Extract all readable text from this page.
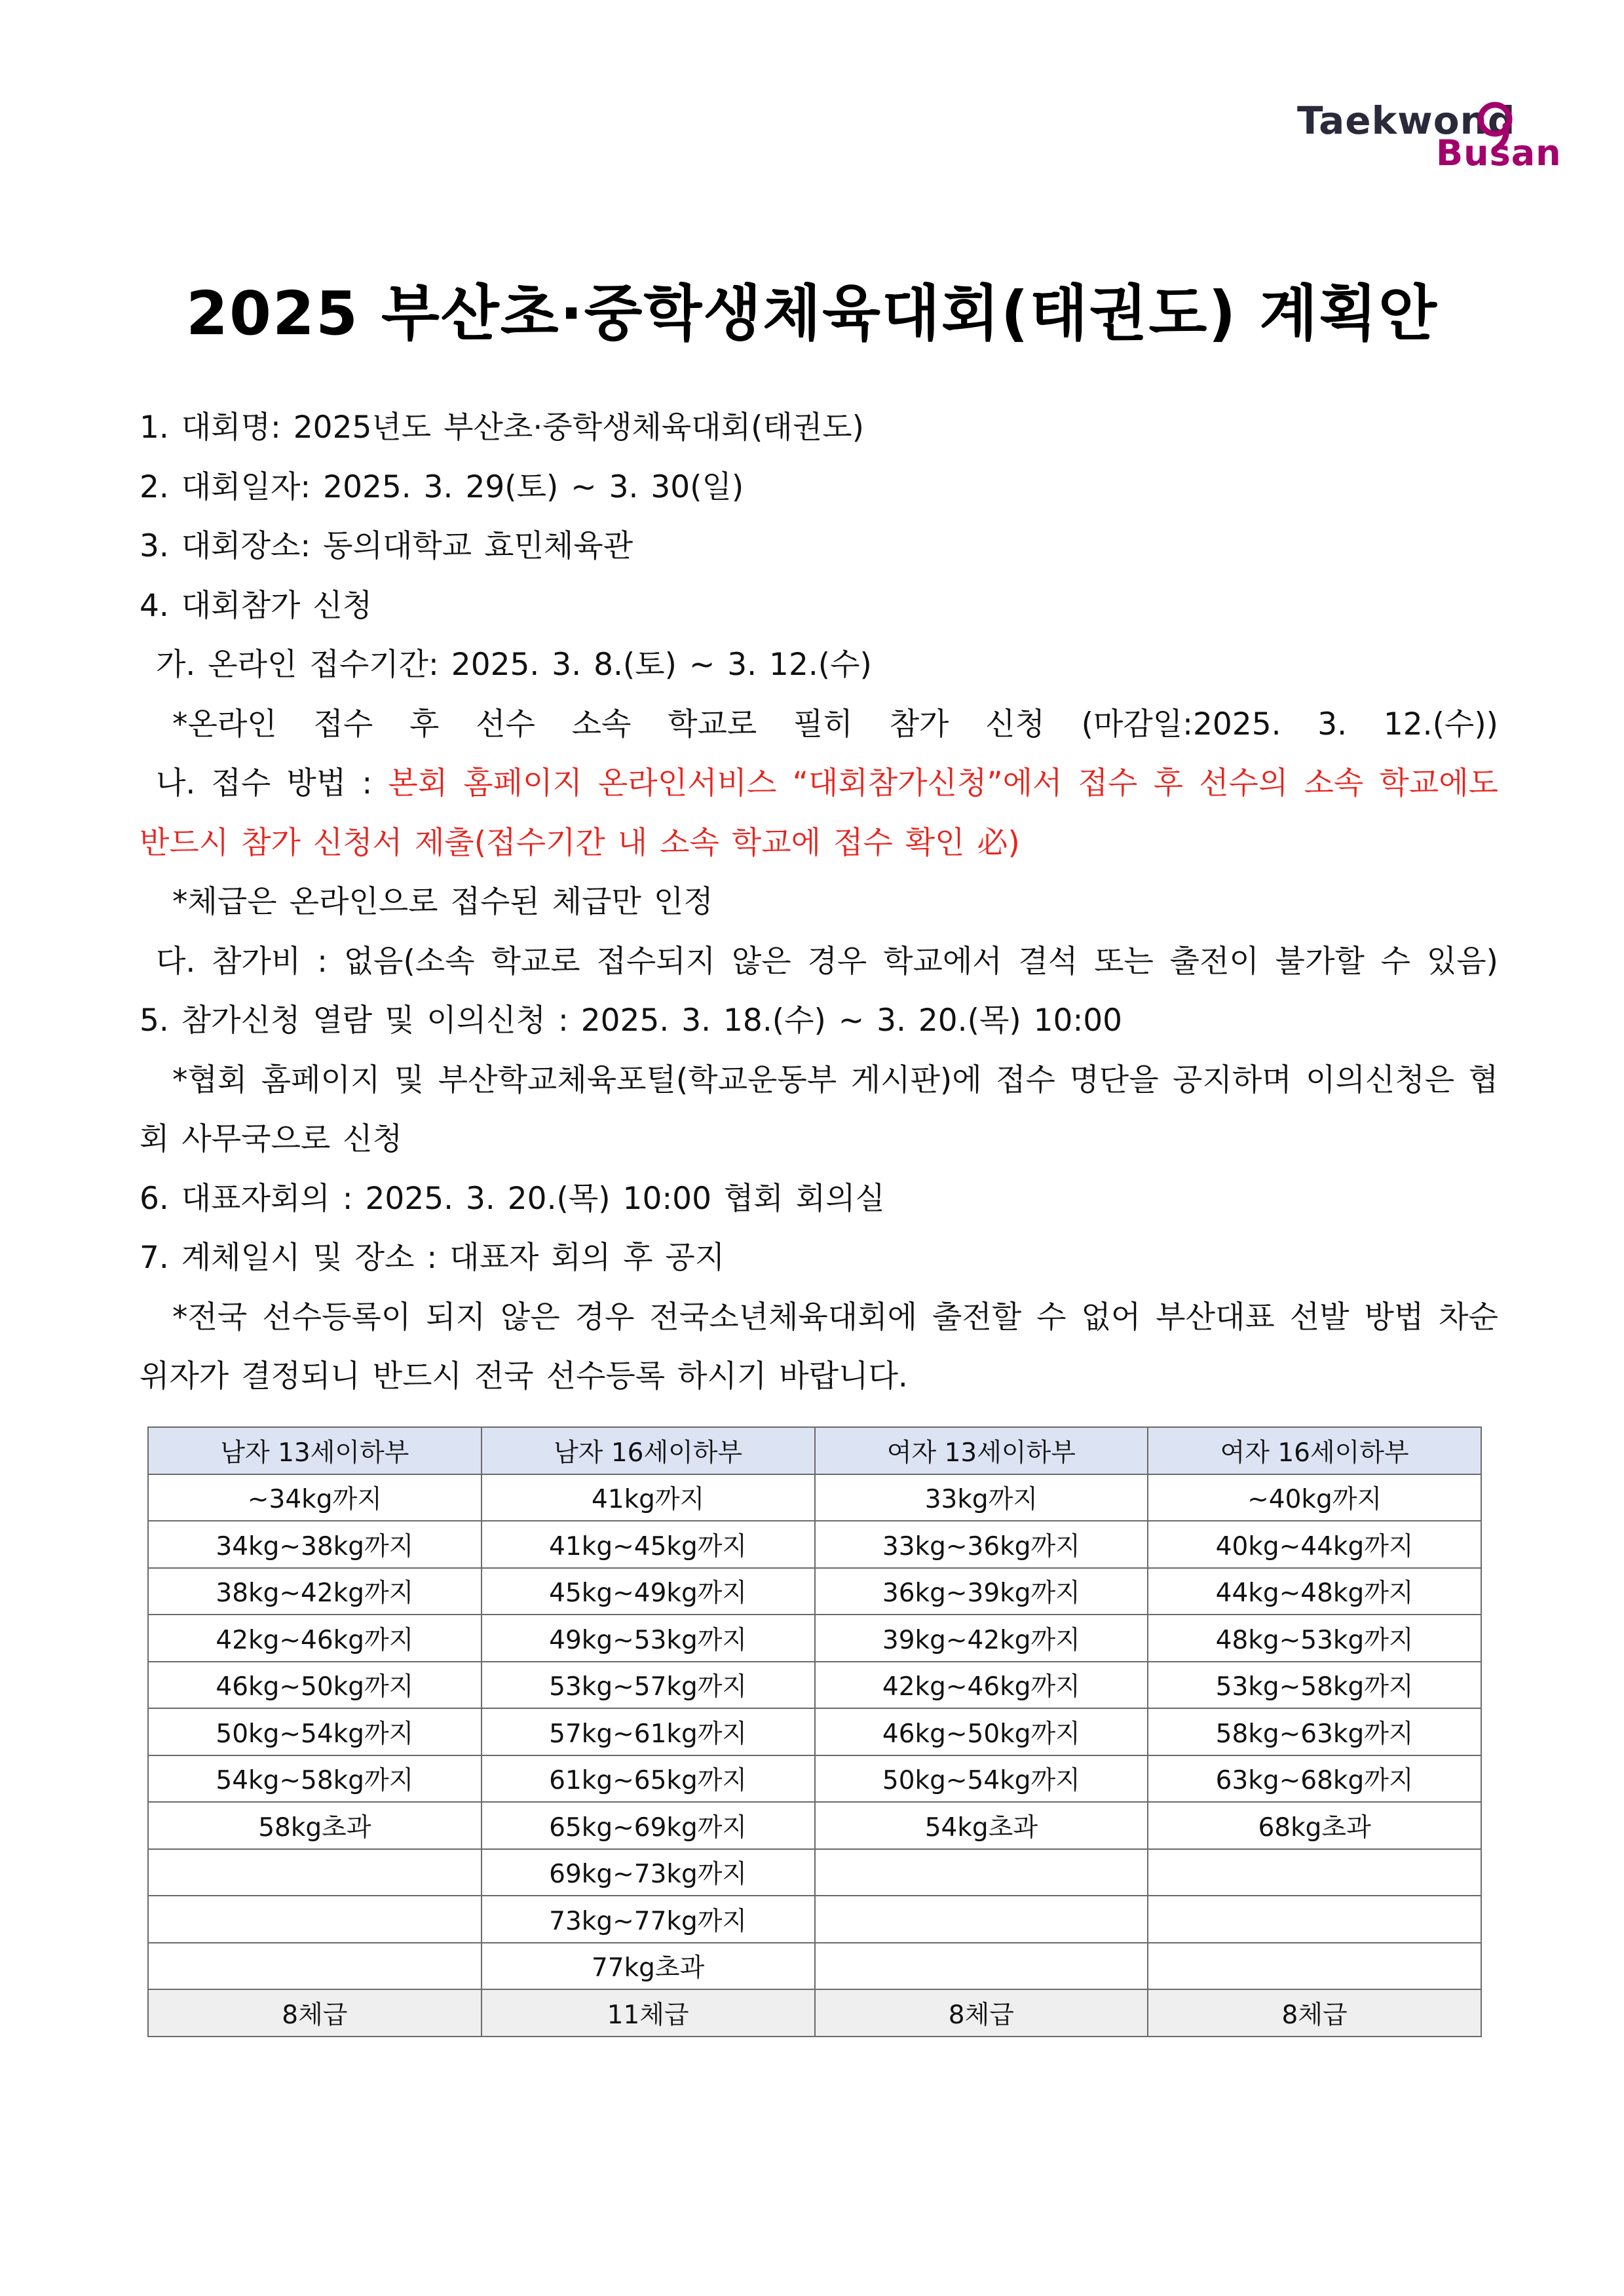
Taekwond
Busan
2025 부산초·중학생체육대회(태권도) 계획안
1. 대회명: 2025년도 부산초·중학생체육대회(태권도)
2. 대회일자: 2025. 3. 29(토) ~ 3. 30(일)
3. 대회장소: 동의대학교 효민체육관
4. 대회참가 신청
가. 온라인 접수기간: 2025. 3. 8.(토) ~ 3. 12.(수)
*온라인 접수 후 선수 소속 학교로 필히 참가 신청 (마감일:2025. 3. 12.(수))
나. 접수 방법 : 본회 홈페이지 온라인서비스 “대회참가신청”에서 접수 후 선수의 소속 학교에도
반드시 참가 신청서 제출(접수기간 내 소속 학교에 접수 확인 必)
*체급은 온라인으로 접수된 체급만 인정
다. 참가비 : 없음(소속 학교로 접수되지 않은 경우 학교에서 결석 또는 출전이 불가할 수 있음)
5. 참가신청 열람 및 이의신청 : 2025. 3. 18.(수) ~ 3. 20.(목) 10:00
*협회 홈페이지 및 부산학교체육포털(학교운동부 게시판)에 접수 명단을 공지하며 이의신청은 협
회 사무국으로 신청
6. 대표자회의 : 2025. 3. 20.(목) 10:00 협회 회의실
7. 계체일시 및 장소 : 대표자 회의 후 공지
*전국 선수등록이 되지 않은 경우 전국소년체육대회에 출전할 수 없어 부산대표 선발 방법 차순
위자가 결정되니 반드시 전국 선수등록 하시기 바랍니다.
남자 13세이하부	남자 16세이하부	여자 13세이하부	여자 16세이하부
~34kg까지	41kg까지	33kg까지	~40kg까지
34kg~38kg까지	41kg~45kg까지	33kg~36kg까지	40kg~44kg까지
38kg~42kg까지	45kg~49kg까지	36kg~39kg까지	44kg~48kg까지
42kg~46kg까지	49kg~53kg까지	39kg~42kg까지	48kg~53kg까지
46kg~50kg까지	53kg~57kg까지	42kg~46kg까지	53kg~58kg까지
50kg~54kg까지	57kg~61kg까지	46kg~50kg까지	58kg~63kg까지
54kg~58kg까지	61kg~65kg까지	50kg~54kg까지	63kg~68kg까지
58kg초과	65kg~69kg까지	54kg초과	68kg초과
	69kg~73kg까지		
	73kg~77kg까지		
	77kg초과		
8체급	11체급	8체급	8체급
